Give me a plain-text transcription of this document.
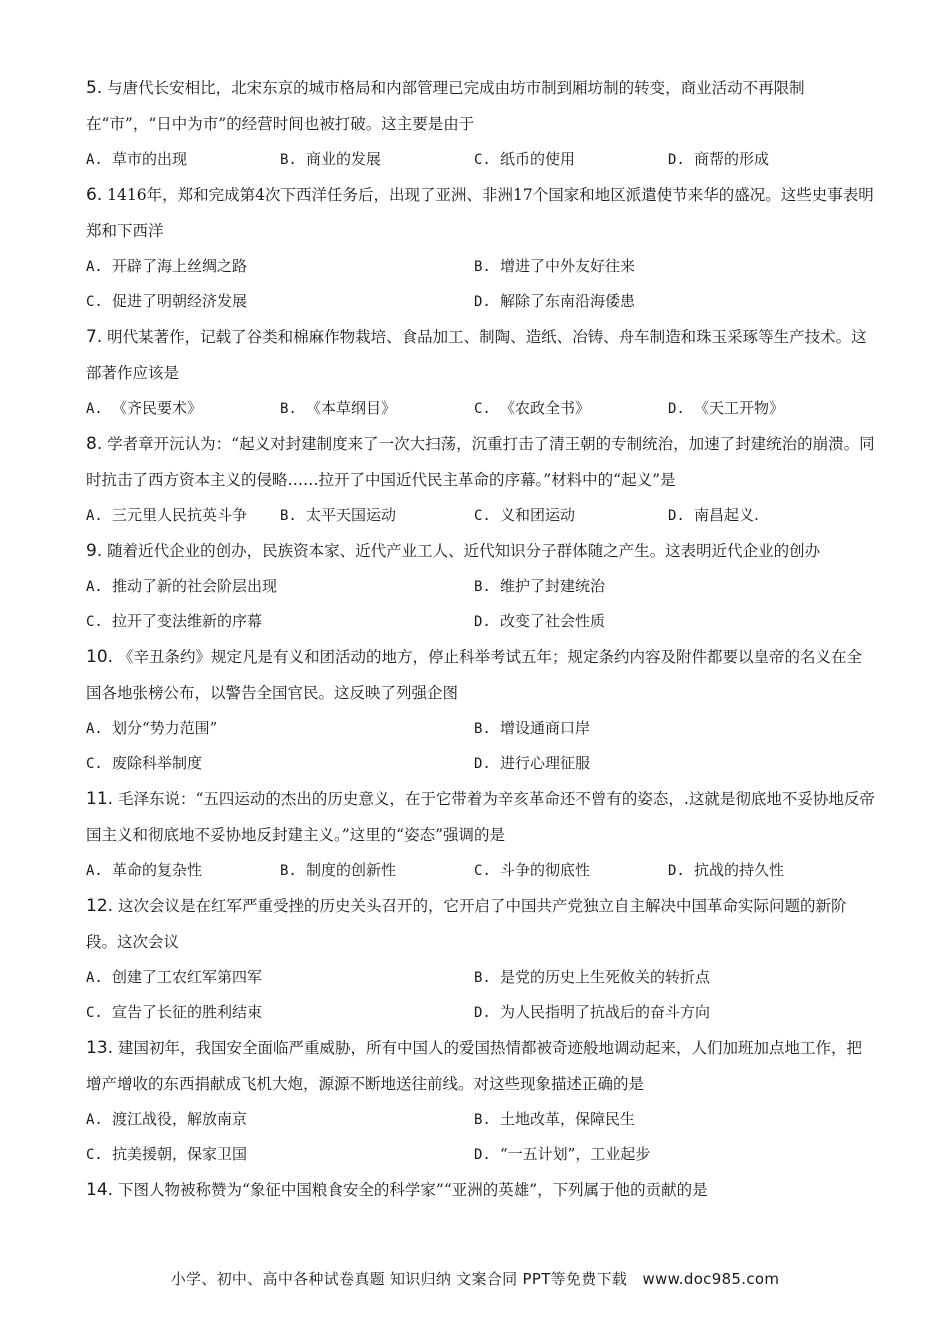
5. 与唐代长安相比，北宋东京的城市格局和内部管理已完成由坊市制到厢坊制的转变，商业活动不再限制在“市”，“日中为市”的经营时间也被打破。这主要是由于

A. 草市的出现	B. 商业的发展	C. 纸币的使用	D. 商帮的形成

6. 1416年，郑和完成第4次下西洋任务后，出现了亚洲、非洲17个国家和地区派遣使节来华的盛况。这些史事表明郑和下西洋

A. 开辟了海上丝绸之路	B. 增进了中外友好往来
C. 促进了明朝经济发展	D. 解除了东南沿海倭患

7. 明代某著作，记载了谷类和棉麻作物栽培、食品加工、制陶、造纸、冶铸、舟车制造和珠玉采琢等生产技术。这部著作应该是

A. 《齐民要术》	B. 《本草纲目》	C. 《农政全书》	D. 《天工开物》

8. 学者章开沅认为：“起义对封建制度来了一次大扫荡，沉重打击了清王朝的专制统治，加速了封建统治的崩溃。同时抗击了西方资本主义的侵略……拉开了中国近代民主革命的序幕。”材料中的“起义”是

A. 三元里人民抗英斗争	B. 太平天国运动	C. 义和团运动	D. 南昌起义.

9. 随着近代企业的创办，民族资本家、近代产业工人、近代知识分子群体随之产生。这表明近代企业的创办

A. 推动了新的社会阶层出现	B. 维护了封建统治
C. 拉开了变法维新的序幕	D. 改变了社会性质

10. 《辛丑条约》规定凡是有义和团活动的地方，停止科举考试五年；规定条约内容及附件都要以皇帝的名义在全国各地张榜公布，以警告全国官民。这反映了列强企图

A. 划分“势力范围”	B. 增设通商口岸
C. 废除科举制度	D. 进行心理征服

11. 毛泽东说：“五四运动的杰出的历史意义，在于它带着为辛亥革命还不曾有的姿态，.这就是彻底地不妥协地反帝国主义和彻底地不妥协地反封建主义。”这里的“姿态”强调的是

A. 革命的复杂性	B. 制度的创新性	C. 斗争的彻底性	D. 抗战的持久性

12. 这次会议是在红军严重受挫的历史关头召开的，它开启了中国共产党独立自主解决中国革命实际问题的新阶段。这次会议

A. 创建了工农红军第四军	B. 是党的历史上生死攸关的转折点
C. 宣告了长征的胜利结束	D. 为人民指明了抗战后的奋斗方向

13. 建国初年，我国安全面临严重威胁，所有中国人的爱国热情都被奇迹般地调动起来，人们加班加点地工作，把增产增收的东西捐献成飞机大炮，源源不断地送往前线。对这些现象描述正确的是

A. 渡江战役，解放南京	B. 土地改革，保障民生
C. 抗美援朝，保家卫国	D. “一五计划”，工业起步

14. 下图人物被称赞为“象征中国粮食安全的科学家”“亚洲的英雄”，下列属于他的贡献的是

小学、初中、高中各种试卷真题 知识归纳 文案合同 PPT等免费下载　www.doc985.com
